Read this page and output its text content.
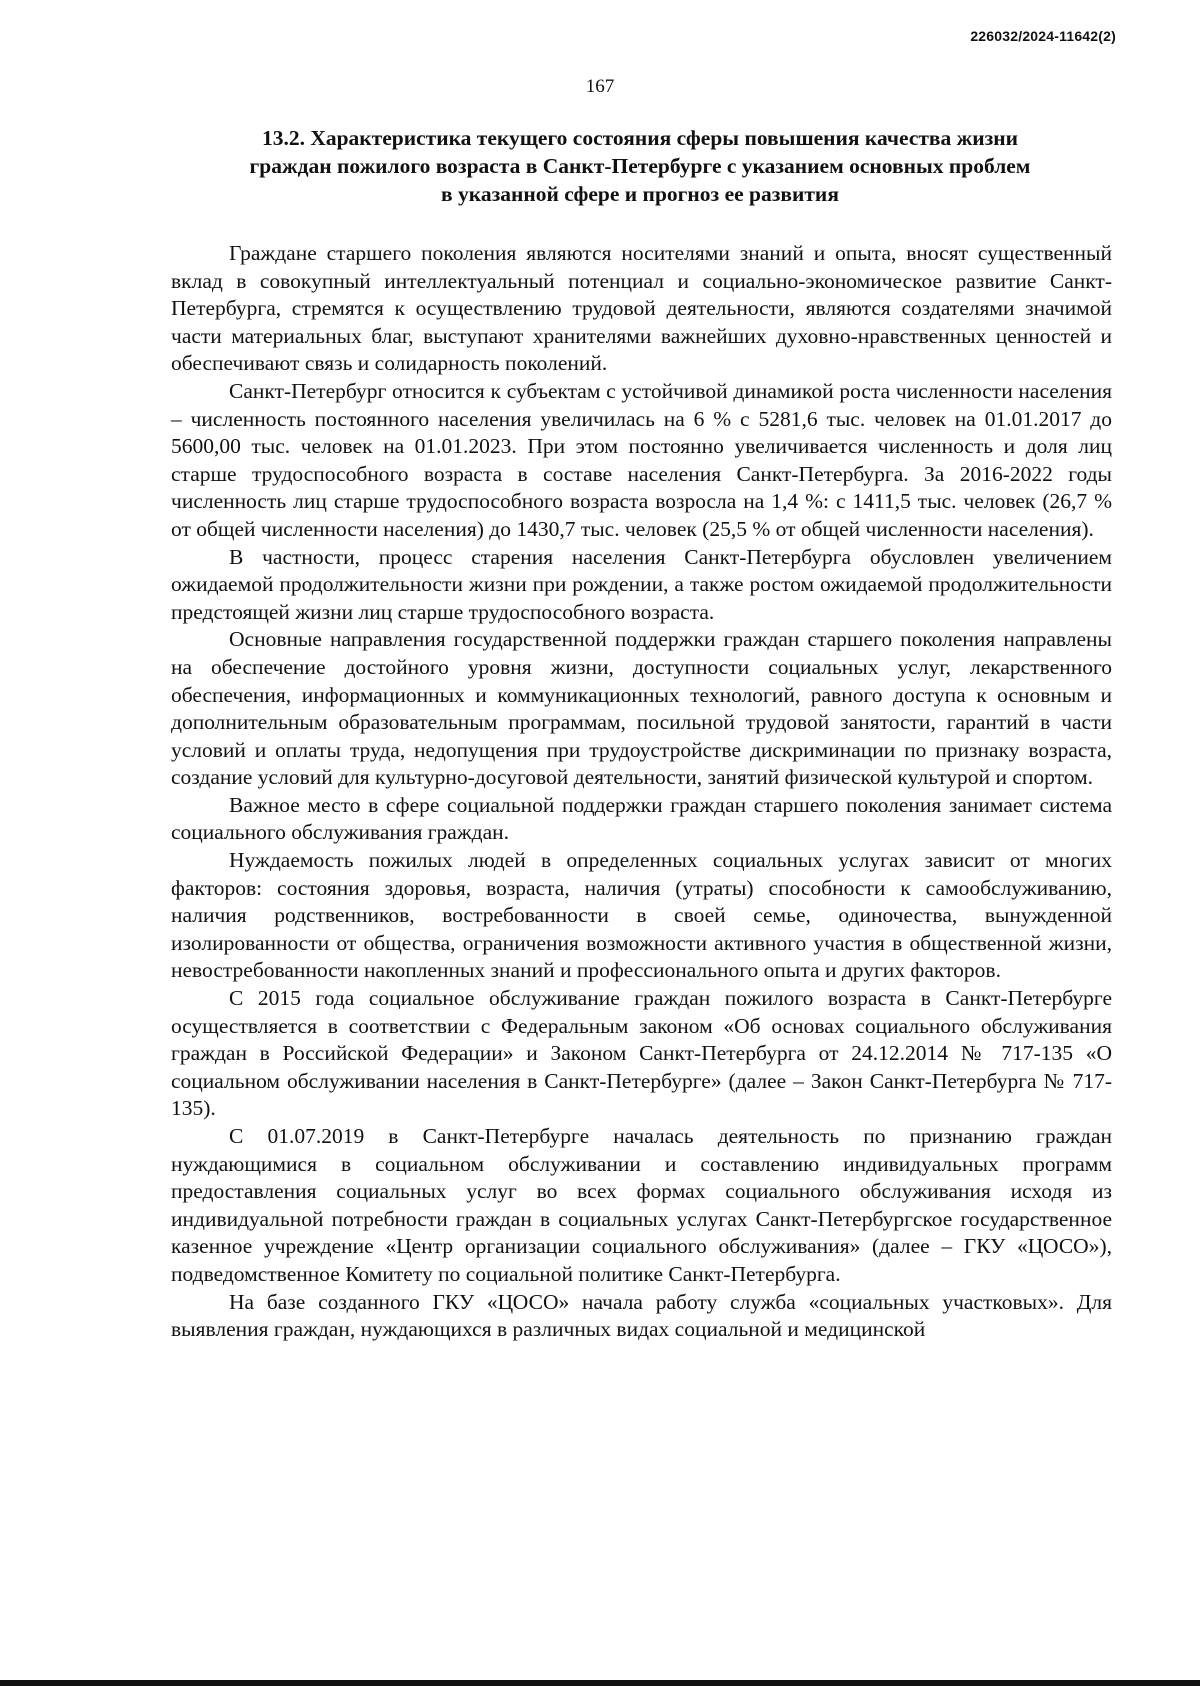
226032/2024-11642(2)
167
13.2. Характеристика текущего состояния сферы повышения качества жизни
граждан пожилого возраста в Санкт-Петербурге с указанием основных проблем
в указанной сфере и прогноз ее развития

Граждане старшего поколения являются носителями знаний и опыта, вносят существенный вклад в совокупный интеллектуальный потенциал и социально-экономическое развитие Санкт-Петербурга, стремятся к осуществлению трудовой деятельности, являются создателями значимой части материальных благ, выступают хранителями важнейших духовно-нравственных ценностей и обеспечивают связь и солидарность поколений.

Санкт-Петербург относится к субъектам с устойчивой динамикой роста численности населения – численность постоянного населения увеличилась на 6 % с 5281,6 тыс. человек на 01.01.2017 до 5600,00 тыс. человек на 01.01.2023. При этом постоянно увеличивается численность и доля лиц старше трудоспособного возраста в составе населения Санкт-Петербурга. За 2016-2022 годы численность лиц старше трудоспособного возраста возросла на 1,4 %: с 1411,5 тыс. человек (26,7 % от общей численности населения) до 1430,7 тыс. человек (25,5 % от общей численности населения).

В частности, процесс старения населения Санкт-Петербурга обусловлен увеличением ожидаемой продолжительности жизни при рождении, а также ростом ожидаемой продолжительности предстоящей жизни лиц старше трудоспособного возраста.

Основные направления государственной поддержки граждан старшего поколения направлены на обеспечение достойного уровня жизни, доступности социальных услуг, лекарственного обеспечения, информационных и коммуникационных технологий, равного доступа к основным и дополнительным образовательным программам, посильной трудовой занятости, гарантий в части условий и оплаты труда, недопущения при трудоустройстве дискриминации по признаку возраста, создание условий для культурно-досуговой деятельности, занятий физической культурой и спортом.

Важное место в сфере социальной поддержки граждан старшего поколения занимает система социального обслуживания граждан.

Нуждаемость пожилых людей в определенных социальных услугах зависит от многих факторов: состояния здоровья, возраста, наличия (утраты) способности к самообслуживанию, наличия родственников, востребованности в своей семье, одиночества, вынужденной изолированности от общества, ограничения возможности активного участия в общественной жизни, невостребованности накопленных знаний и профессионального опыта и других факторов.

С 2015 года социальное обслуживание граждан пожилого возраста в Санкт-Петербурге осуществляется в соответствии с Федеральным законом «Об основах социального обслуживания граждан в Российской Федерации» и Законом Санкт-Петербурга от 24.12.2014 № 717-135 «О социальном обслуживании населения в Санкт-Петербурге» (далее – Закон Санкт-Петербурга № 717-135).

С 01.07.2019 в Санкт-Петербурге началась деятельность по признанию граждан нуждающимися в социальном обслуживании и составлению индивидуальных программ предоставления социальных услуг во всех формах социального обслуживания исходя из индивидуальной потребности граждан в социальных услугах Санкт-Петербургское государственное казенное учреждение «Центр организации социального обслуживания» (далее – ГКУ «ЦОСО»), подведомственное Комитету по социальной политике Санкт-Петербурга.

На базе созданного ГКУ «ЦОСО» начала работу служба «социальных участковых». Для выявления граждан, нуждающихся в различных видах социальной и медицинской
